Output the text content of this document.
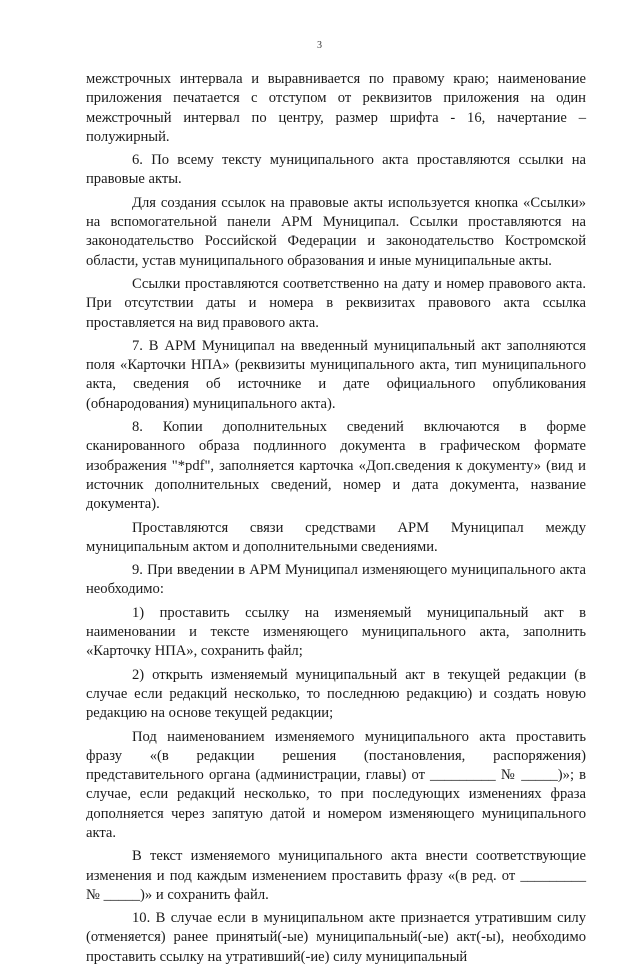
3

межстрочных интервала и выравнивается по правому краю; наименование приложения печатается с отступом от реквизитов приложения на один межстрочный интервал по центру, размер шрифта - 16, начертание – полужирный.

6. По всему тексту муниципального акта проставляются ссылки на правовые акты.

Для создания ссылок на правовые акты используется кнопка «Ссылки» на вспомогательной панели АРМ Муниципал. Ссылки проставляются на законодательство Российской Федерации и законодательство Костромской области, устав муниципального образования и иные муниципальные акты.

Ссылки проставляются соответственно на дату и номер правового акта. При отсутствии даты и номера в реквизитах правового акта ссылка проставляется на вид правового акта.

7. В АРМ Муниципал на введенный муниципальный акт заполняются поля «Карточки НПА» (реквизиты муниципального акта, тип муниципального акта, сведения об источнике и дате официального опубликования (обнародования) муниципального акта).

8. Копии дополнительных сведений включаются в форме сканированного образа подлинного документа в графическом формате изображения "*pdf", заполняется карточка «Доп.сведения к документу» (вид и источник дополнительных сведений, номер и дата документа, название документа).

Проставляются связи средствами АРМ Муниципал между муниципальным актом и дополнительными сведениями.

9. При введении в АРМ Муниципал изменяющего муниципального акта необходимо:

1) проставить ссылку на изменяемый муниципальный акт в наименовании и тексте изменяющего муниципального акта, заполнить «Карточку НПА», сохранить файл;

2) открыть изменяемый муниципальный акт в текущей редакции (в случае если редакций несколько, то последнюю редакцию) и создать новую редакцию на основе текущей редакции;

Под наименованием изменяемого муниципального акта проставить фразу «(в редакции решения (постановления, распоряжения) представительного органа (администрации, главы) от _________ № _____)»; в случае, если редакций несколько, то при последующих изменениях фраза дополняется через запятую датой и номером изменяющего муниципального акта.

В текст изменяемого муниципального акта внести соответствующие изменения и под каждым изменением проставить фразу «(в ред. от _________ № _____)» и сохранить файл.

10. В случае если в муниципальном акте признается утратившим силу (отменяется) ранее принятый(-ые) муниципальный(-ые) акт(-ы), необходимо проставить ссылку на утративший(-ие) силу муниципальный
